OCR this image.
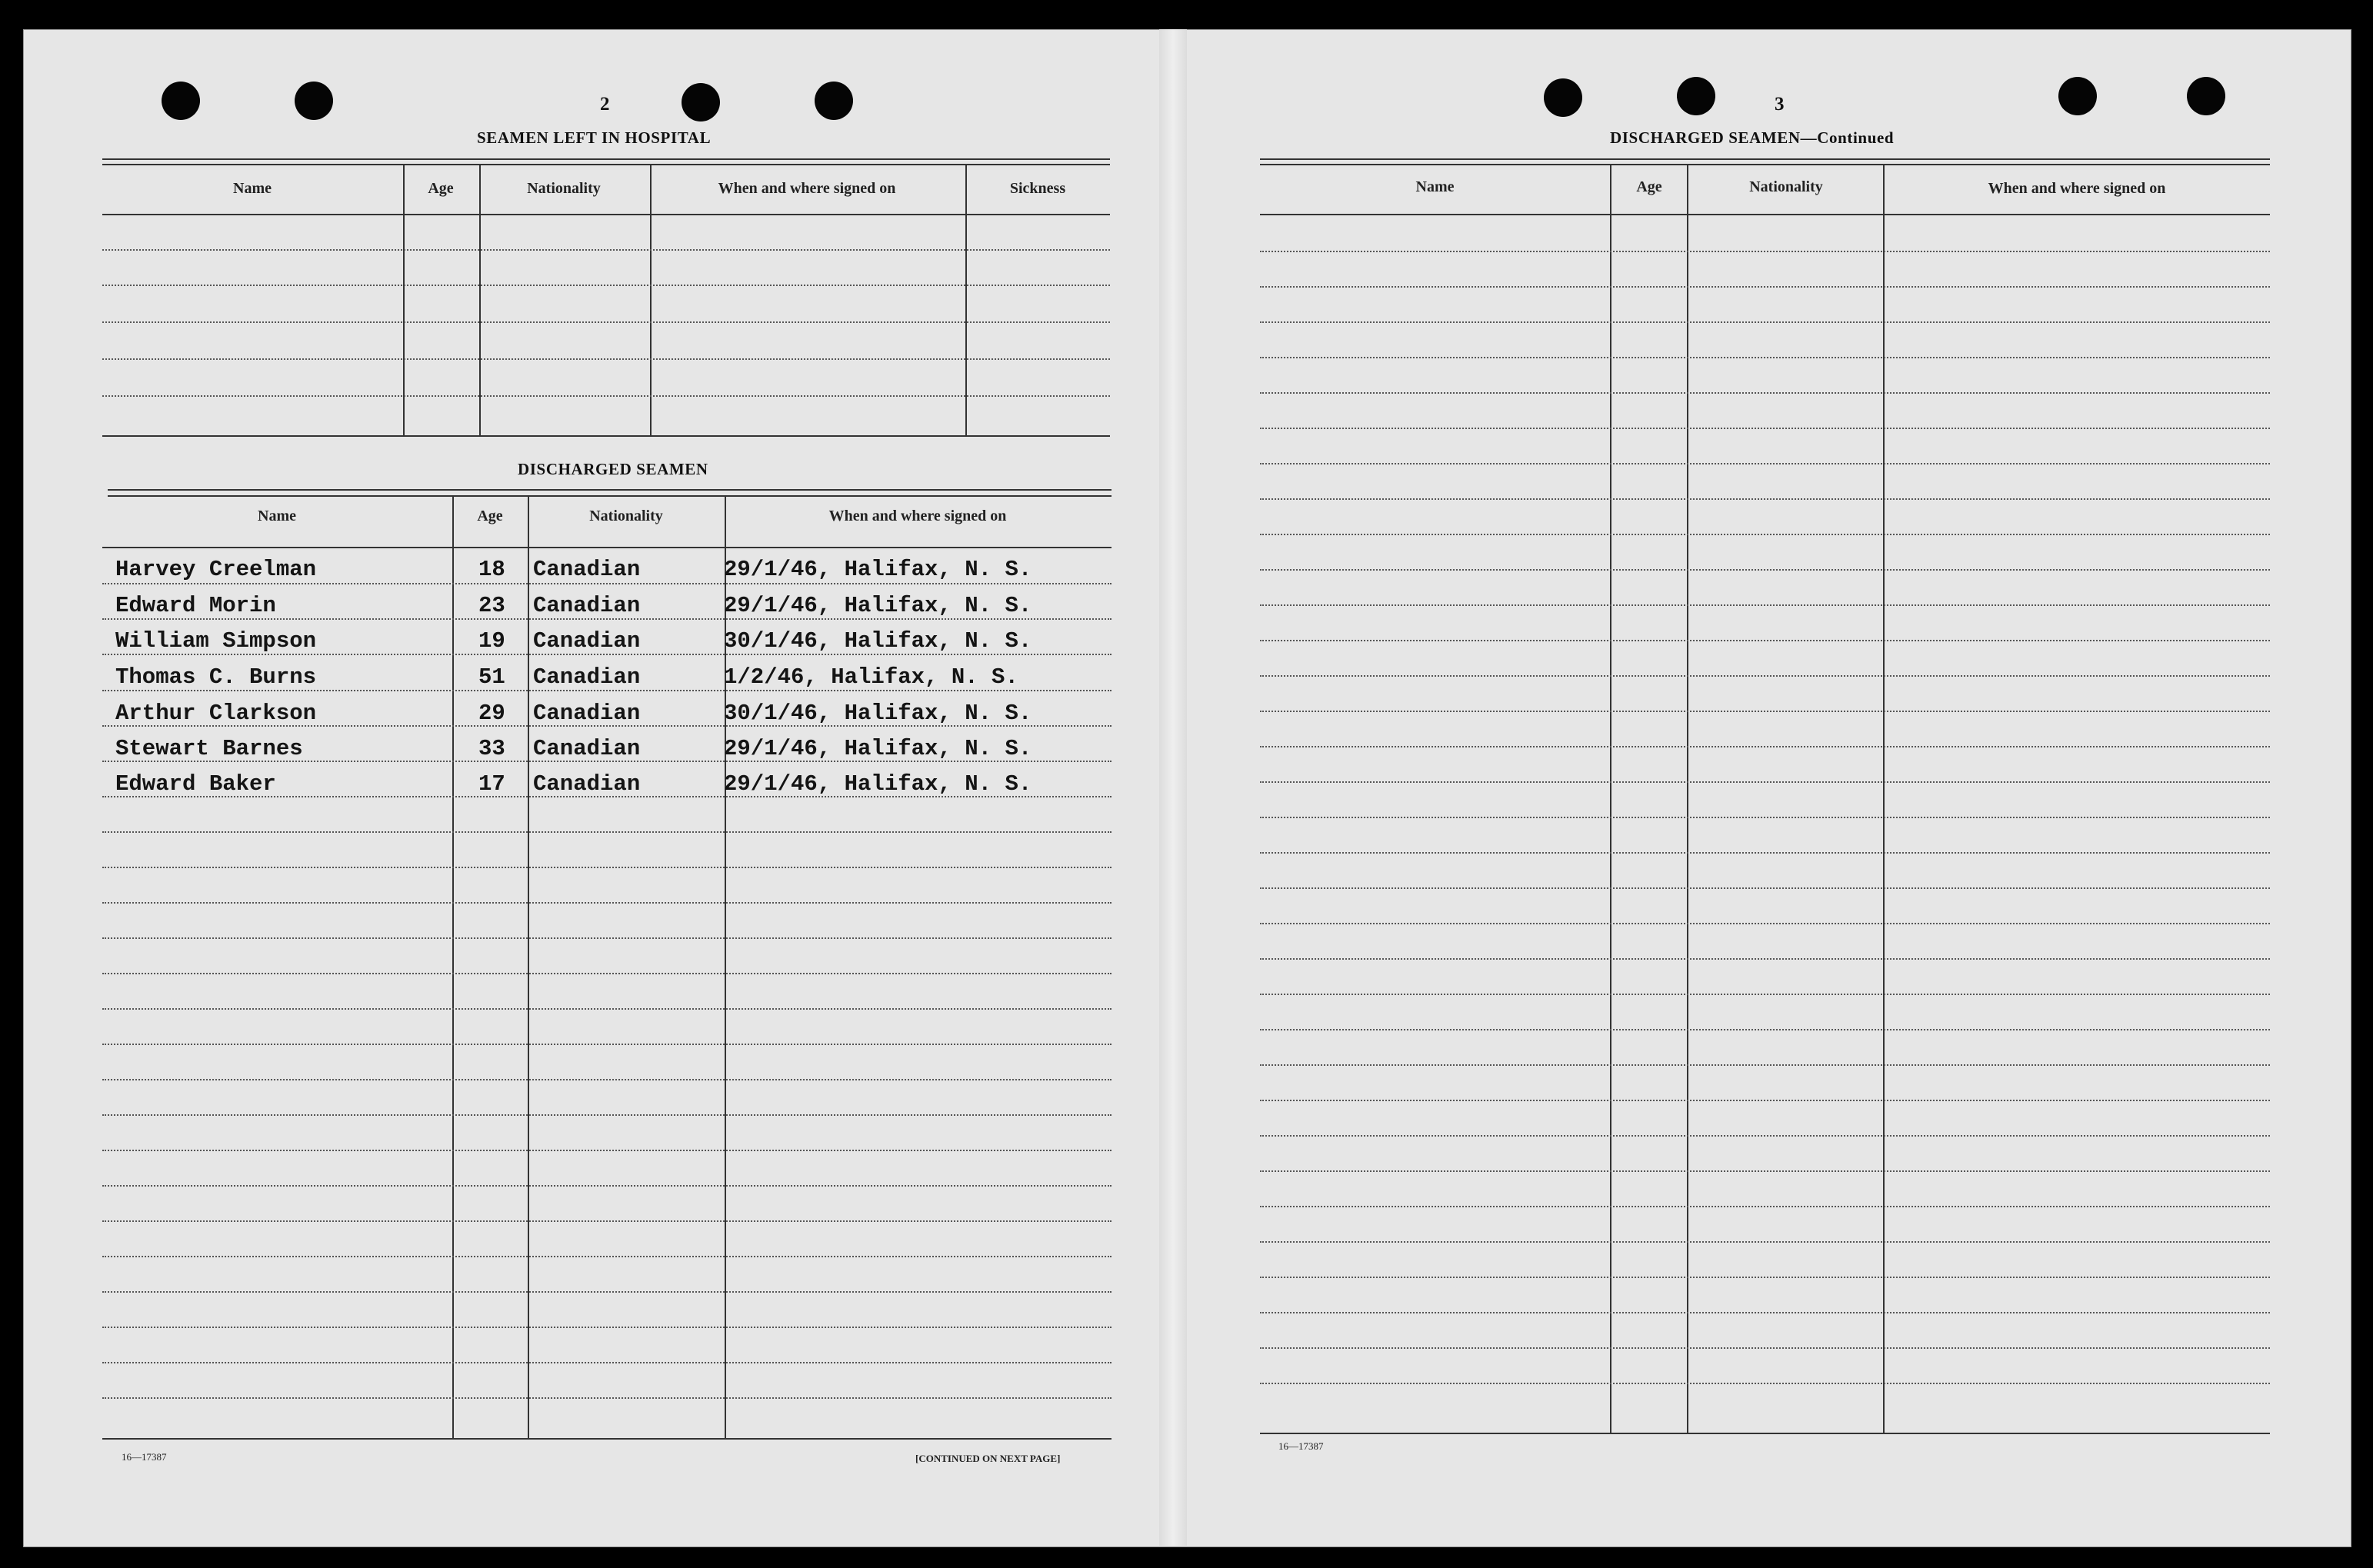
2
SEAMEN LEFT IN HOSPITAL
Name	Age	Nationality	When and where signed on	Sickness
DISCHARGED SEAMEN
Name	Age	Nationality	When and where signed on
Harvey Creelman	18 Canadian	29/1/46, Halifax, N. S.
Edward Morin	23 Canadian	29/1/46, Halifax, N. S.
William Simpson	19 Canadian	30/1/46, Halifax, N. S.
Thomas C. Burns	51 Canadian	1/2/46, Halifax, N. S.
Arthur Clarkson	29 Canadian	30/1/46, Halifax, N. S.
Stewart Barnes	33 Canadian	29/1/46, Halifax, N. S.
Edward Baker	17 Canadian	29/1/46, Halifax, N. S.
16—17387	[CONTINUED ON NEXT PAGE]
3
DISCHARGED SEAMEN—Continued
Name	Age	Nationality	When and where signed on
16—17387
